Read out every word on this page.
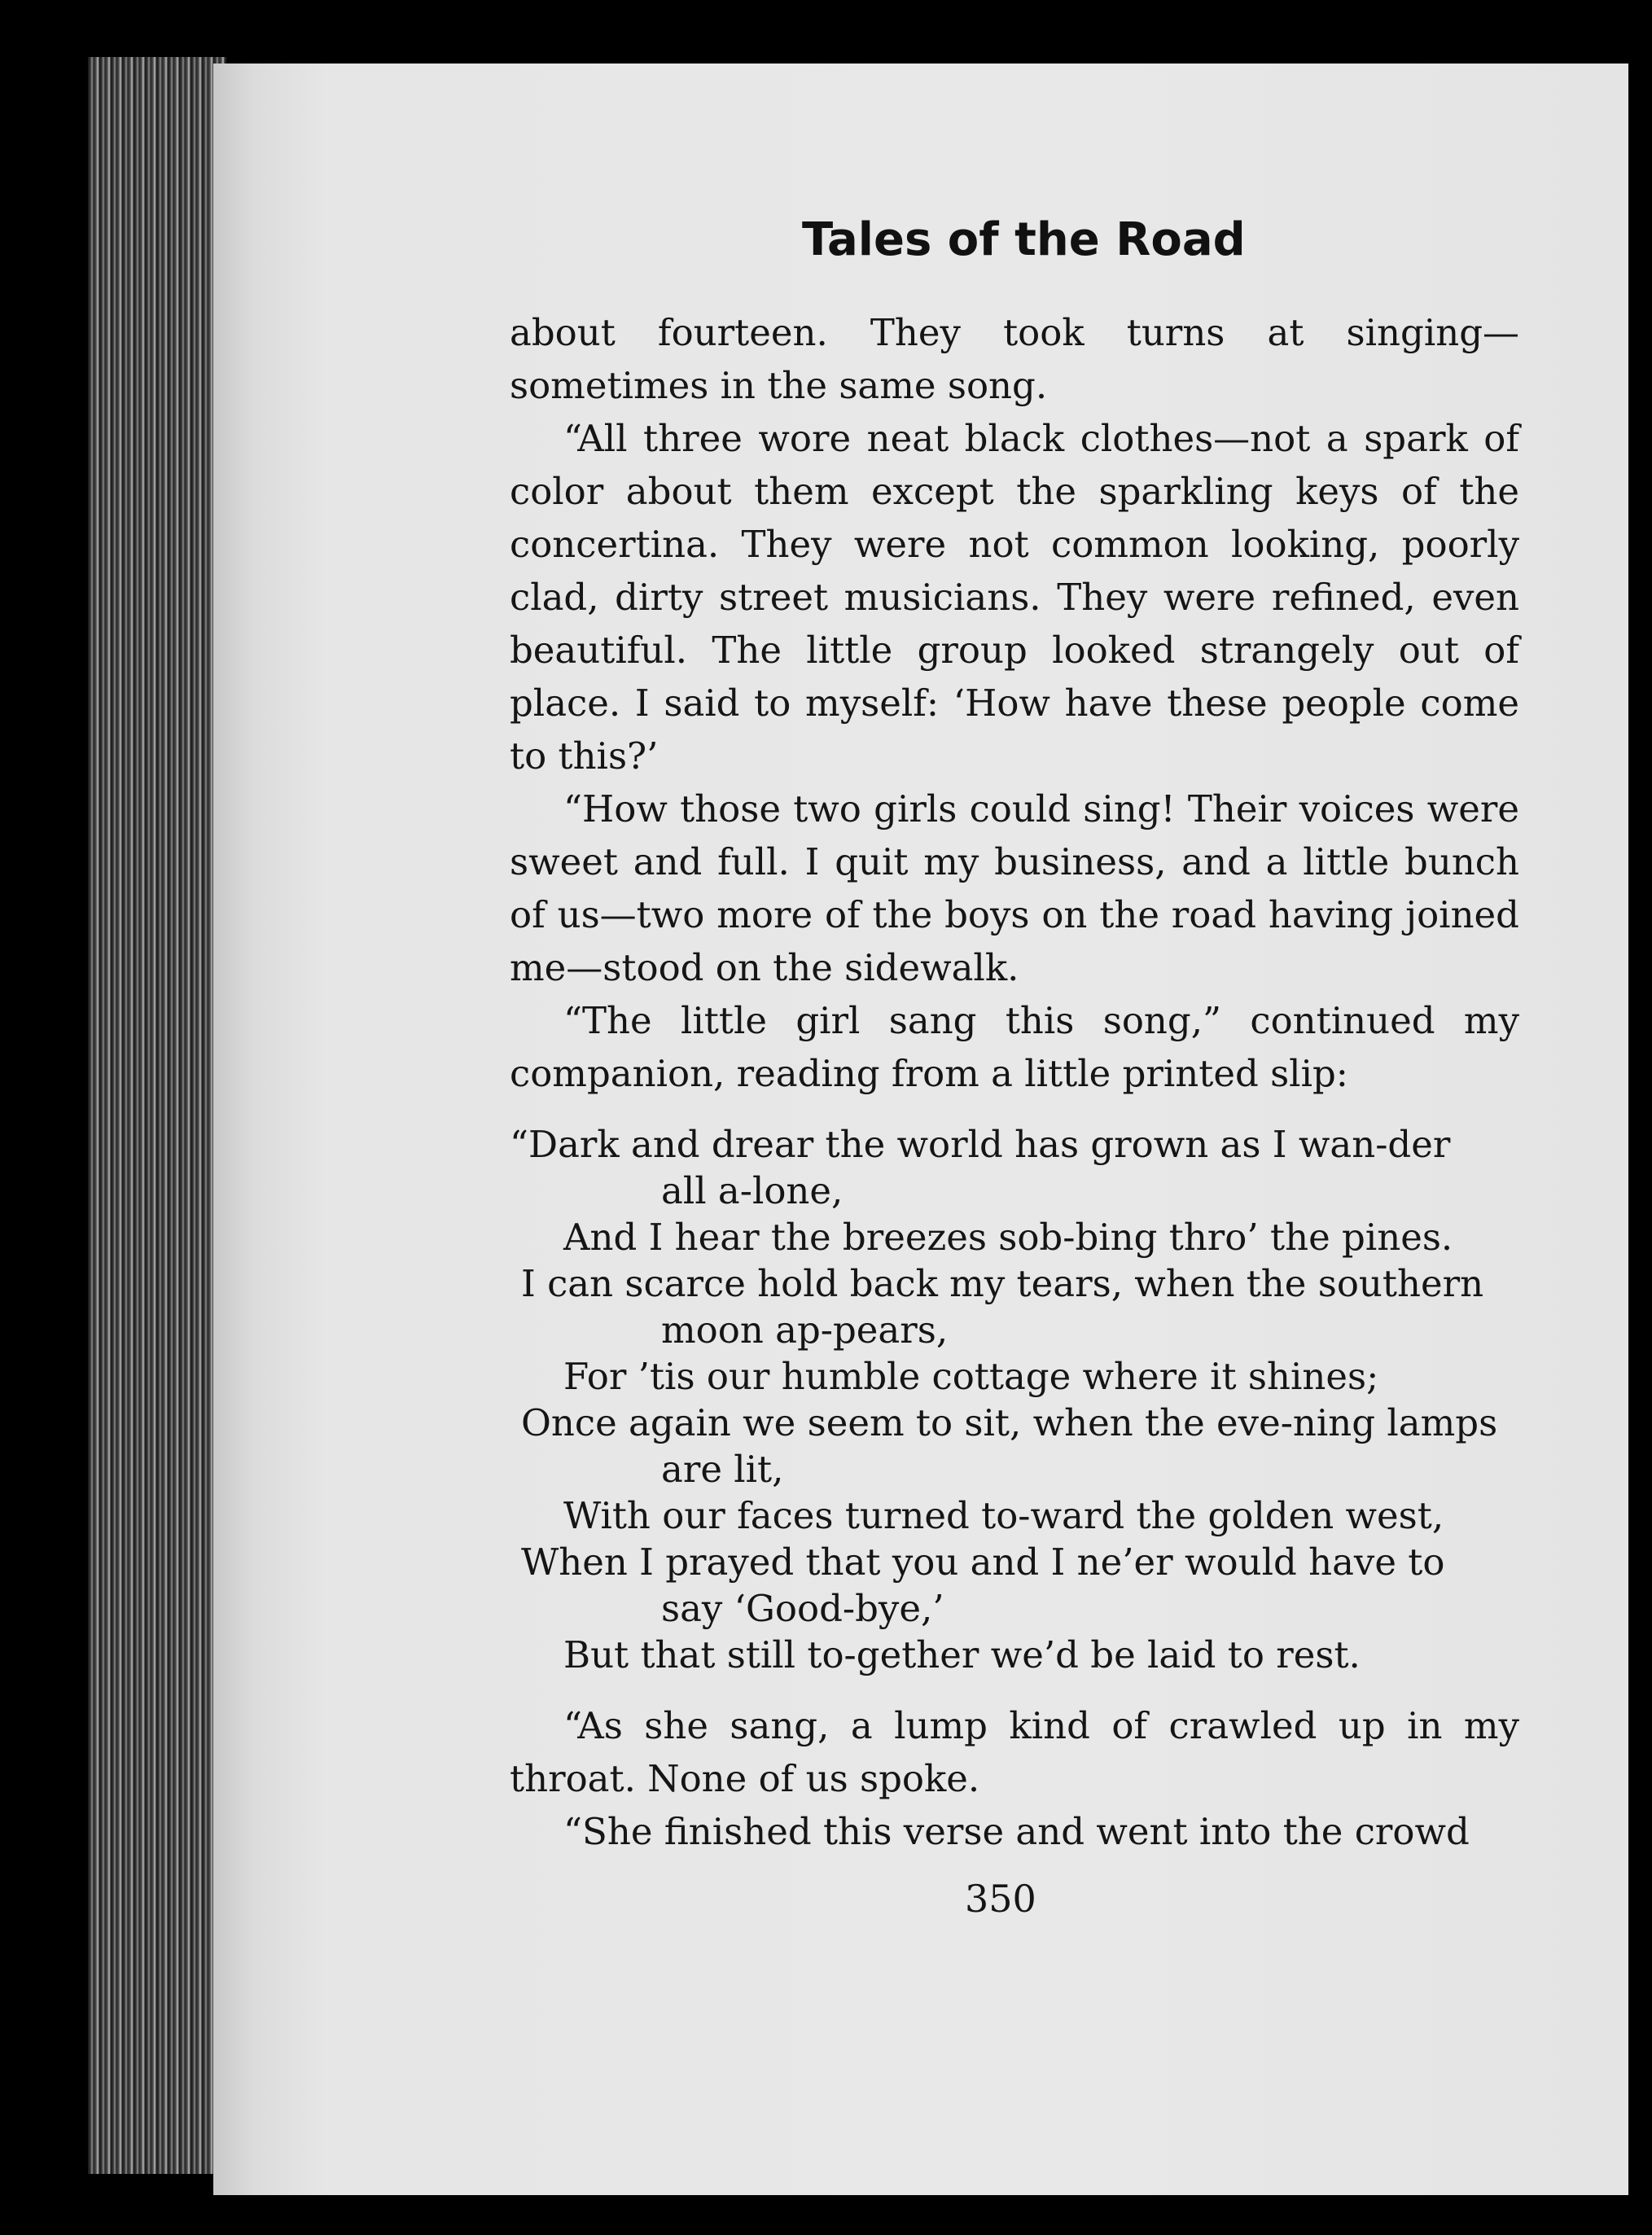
Tales of the Road

about fourteen. They took turns at singing—sometimes in the same song.

“All three wore neat black clothes—not a spark of color about them except the sparkling keys of the concertina. They were not common looking, poorly clad, dirty street musicians. They were refined, even beautiful. The little group looked strangely out of place. I said to myself: ‘How have these people come to this?’

“How those two girls could sing! Their voices were sweet and full. I quit my business, and a little bunch of us—two more of the boys on the road having joined me—stood on the sidewalk.

“The little girl sang this song,” continued my companion, reading from a little printed slip:

“Dark and drear the world has grown as I wan-der

all a-lone,

And I hear the breezes sob-bing thro’ the pines.

I can scarce hold back my tears, when the southern

moon ap-pears,

For ’tis our humble cottage where it shines;

Once again we seem to sit, when the eve-ning lamps

are lit,

With our faces turned to-ward the golden west,

When I prayed that you and I ne’er would have to

say ‘Good-bye,’

But that still to-gether we’d be laid to rest.

“As she sang, a lump kind of crawled up in my throat. None of us spoke.

“She finished this verse and went into the crowd

350
